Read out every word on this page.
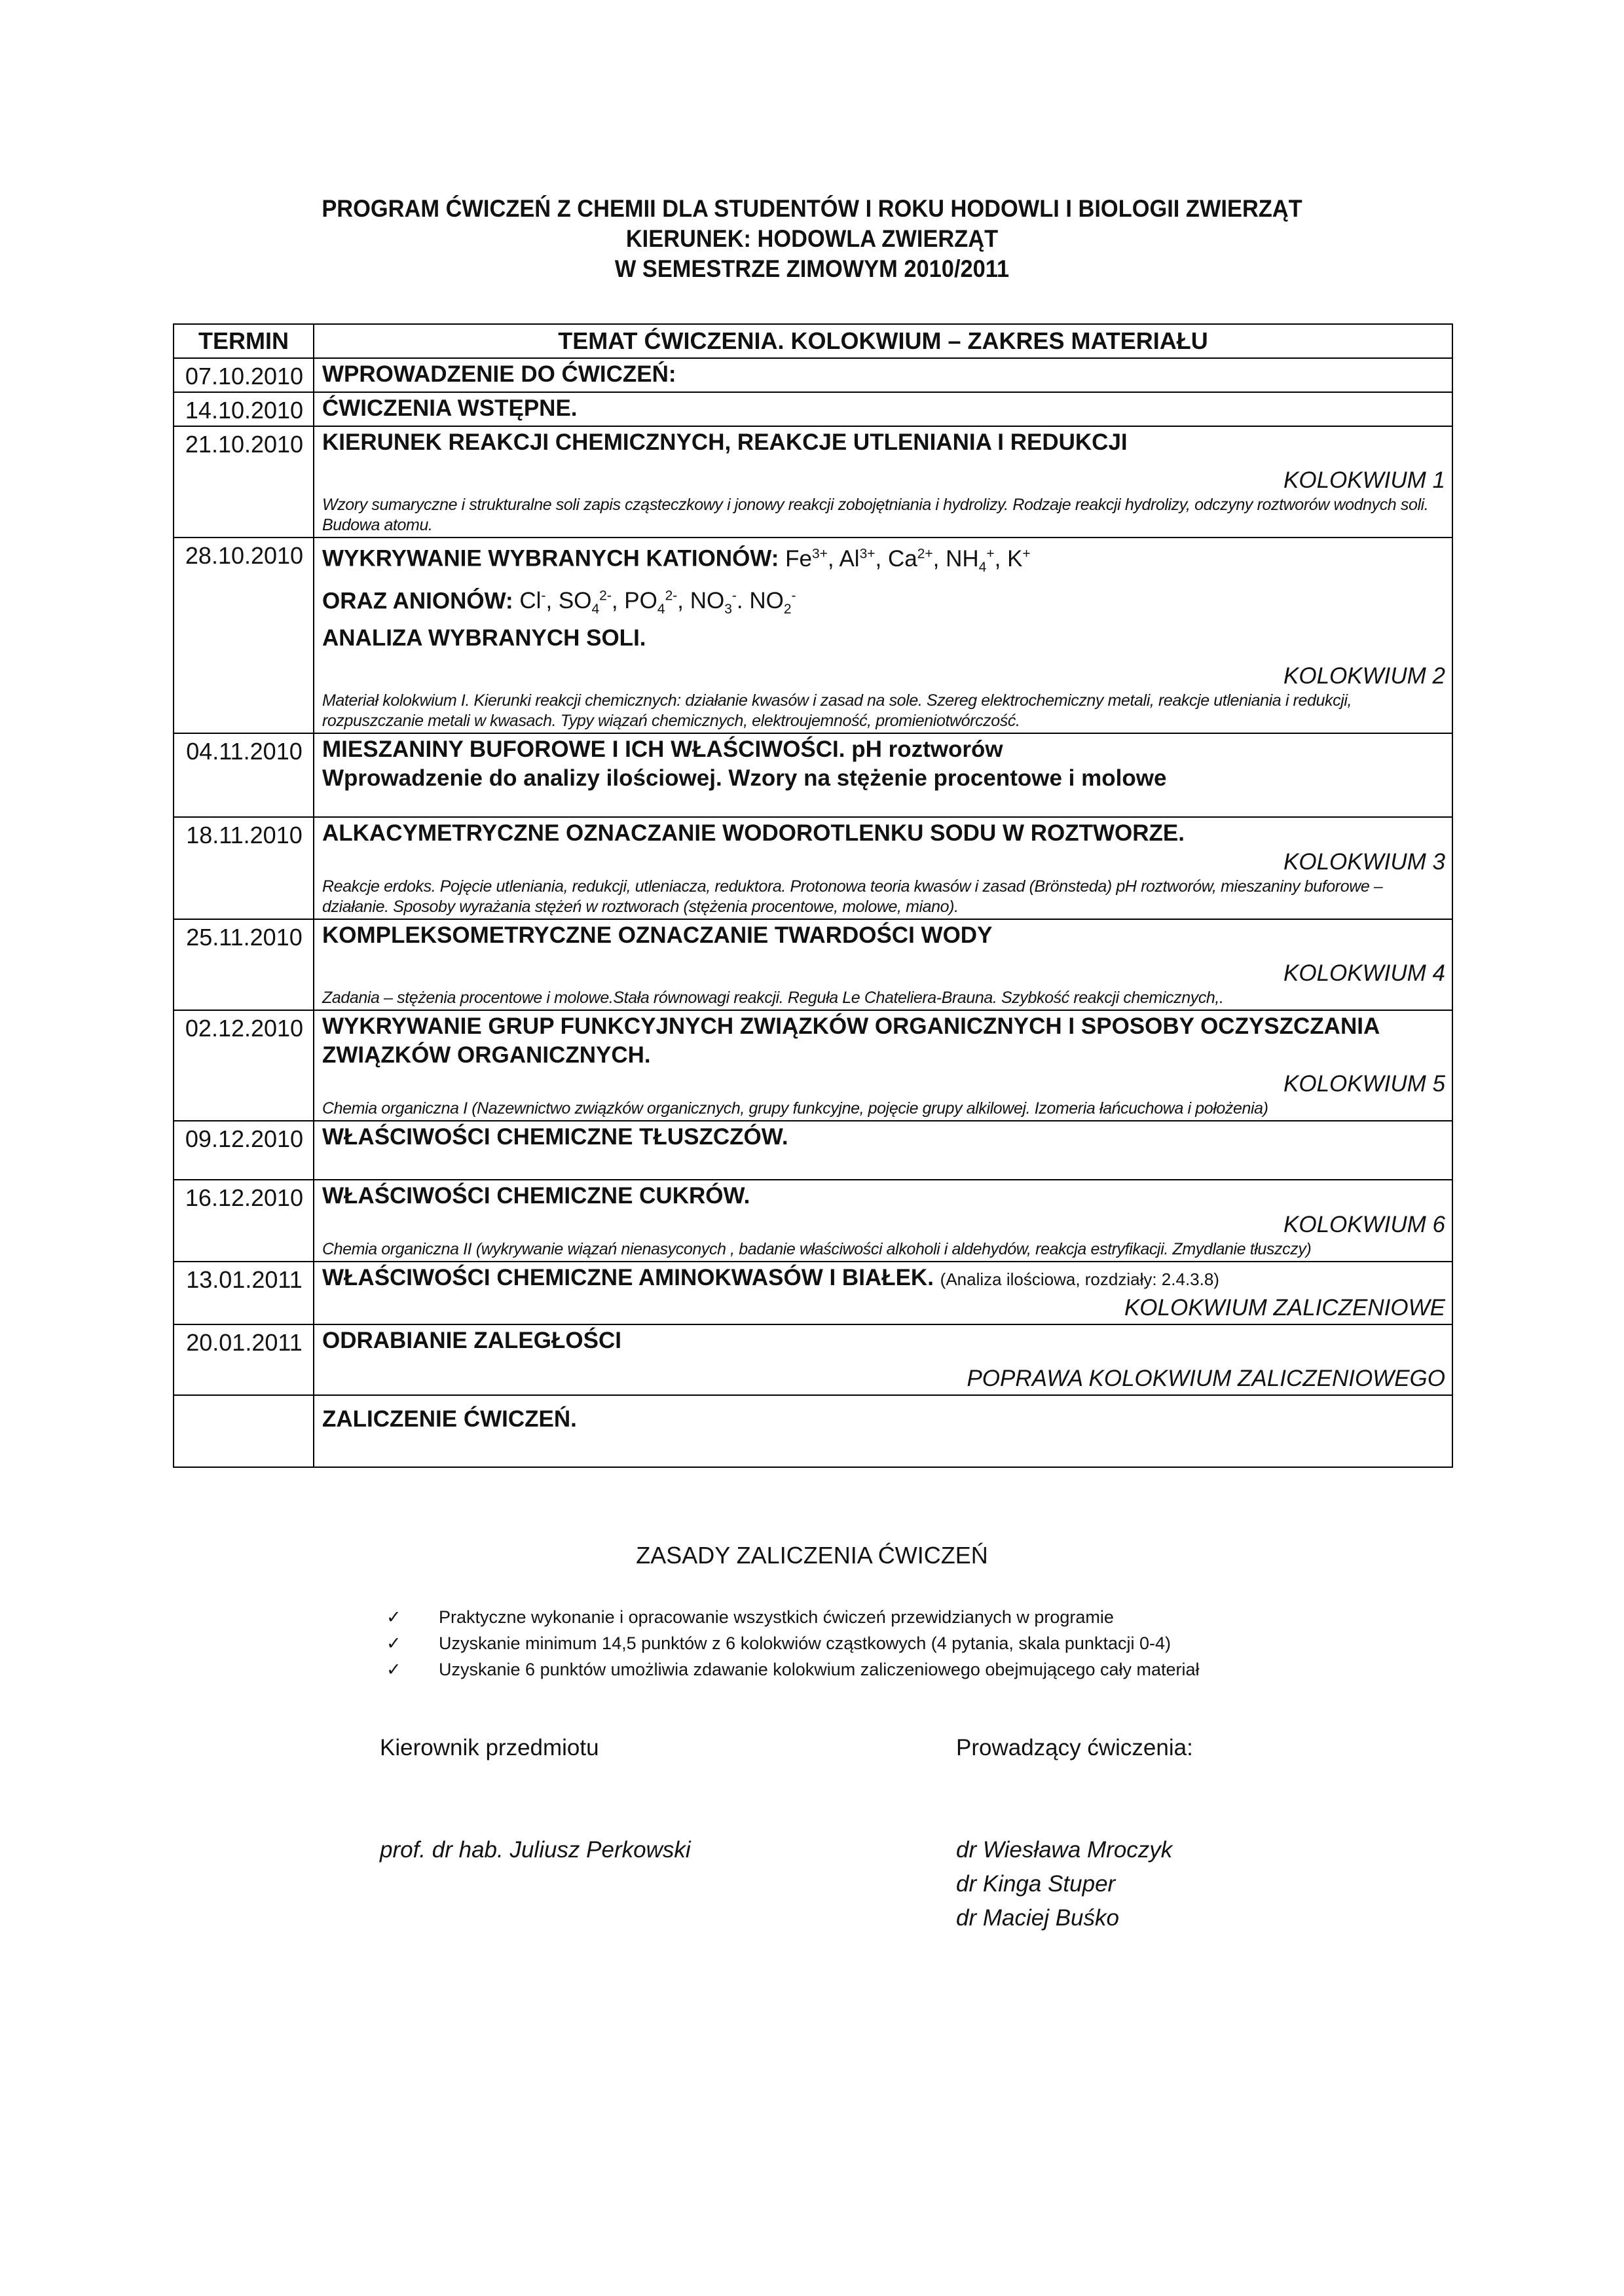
PROGRAM ĆWICZEŃ Z CHEMII DLA STUDENTÓW I ROKU HODOWLI I BIOLOGII ZWIERZĄT
KIERUNEK: HODOWLA ZWIERZĄT
W SEMESTRZE ZIMOWYM 2010/2011
TERMIN	TEMAT ĆWICZENIA. KOLOKWIUM – ZAKRES MATERIAŁU
07.10.2010	WPROWADZENIE DO ĆWICZEŃ:

14.10.2010	ĆWICZENIA WSTĘPNE.

21.10.2010	KIERUNEK REAKCJI CHEMICZNYCH, REAKCJE UTLENIANIA I REDUKCJI
KOLOKWIUM 1
Wzory sumaryczne i strukturalne soli zapis cząsteczkowy i jonowy reakcji zobojętniania i hydrolizy. Rodzaje reakcji hydrolizy, odczyny roztworów wodnych soli. Budowa atomu.

28.10.2010	WYKRYWANIE WYBRANYCH KATIONÓW: $Fe^{3+}$, $Al^{3+}$, $Ca^{2+}$, $NH_4^+$, K+
ORAZ ANIONÓW: Cl-, $SO_4^{2-}$, $PO_4^{2-}$, $NO_3^-$. $NO_2^-$
ANALIZA WYBRANYCH SOLI.
KOLOKWIUM 2
Materiał kolokwium I. Kierunki reakcji chemicznych: działanie kwasów i zasad na sole. Szereg elektrochemiczny metali, reakcje utleniania i redukcji, rozpuszczanie metali w kwasach. Typy wiązań chemicznych, elektroujemność, promieniotwórczość.

04.11.2010	MIESZANINY BUFOROWE I ICH WŁAŚCIWOŚCI. pH roztworów
Wprowadzenie do analizy ilościowej. Wzory na stężenie procentowe i molowe

18.11.2010	ALKACYMETRYCZNE OZNACZANIE WODOROTLENKU SODU W ROZTWORZE.
KOLOKWIUM 3
Reakcje erdoks. Pojęcie utleniania, redukcji, utleniacza, reduktora. Protonowa teoria kwasów i zasad (Brönsteda) pH roztworów, mieszaniny buforowe – działanie. Sposoby wyrażania stężeń w roztworach (stężenia procentowe, molowe, miano).

25.11.2010	KOMPLEKSOMETRYCZNE OZNACZANIE TWARDOŚCI WODY
KOLOKWIUM 4
Zadania – stężenia procentowe i molowe.Stała równowagi reakcji. Reguła Le Chateliera-Brauna. Szybkość reakcji chemicznych,.

02.12.2010	WYKRYWANIE GRUP FUNKCYJNYCH ZWIĄZKÓW ORGANICZNYCH I SPOSOBY OCZYSZCZANIA ZWIĄZKÓW ORGANICZNYCH.
KOLOKWIUM 5
Chemia organiczna I (Nazewnictwo związków organicznych, grupy funkcyjne, pojęcie grupy alkilowej. Izomeria łańcuchowa i położenia)

09.12.2010	WŁAŚCIWOŚCI CHEMICZNE TŁUSZCZÓW.

16.12.2010	WŁAŚCIWOŚCI CHEMICZNE CUKRÓW.
KOLOKWIUM 6
Chemia organiczna II (wykrywanie wiązań nienasyconych , badanie właściwości alkoholi i aldehydów, reakcja estryfikacji. Zmydlanie tłuszczy)

13.01.2011	WŁAŚCIWOŚCI CHEMICZNE AMINOKWASÓW I BIAŁEK. (Analiza ilościowa, rozdziały: 2.4.3.8)
KOLOKWIUM ZALICZENIOWE

20.01.2011	ODRABIANIE ZALEGŁOŚCI
POPRAWA KOLOKWIUM ZALICZENIOWEGO

	ZALICZENIE ĆWICZEŃ.
ZASADY ZALICZENIA ĆWICZEŃ
✓	Praktyczne wykonanie i opracowanie wszystkich ćwiczeń przewidzianych w programie
✓	Uzyskanie minimum 14,5 punktów z 6 kolokwiów cząstkowych (4 pytania, skala punktacji 0-4)
✓	Uzyskanie 6 punktów umożliwia zdawanie kolokwium zaliczeniowego obejmującego cały materiał
Kierownik przedmiotu
prof. dr hab. Juliusz Perkowski
Prowadzący ćwiczenia:
dr Wiesława Mroczyk
dr Kinga Stuper
dr Maciej Buśko
